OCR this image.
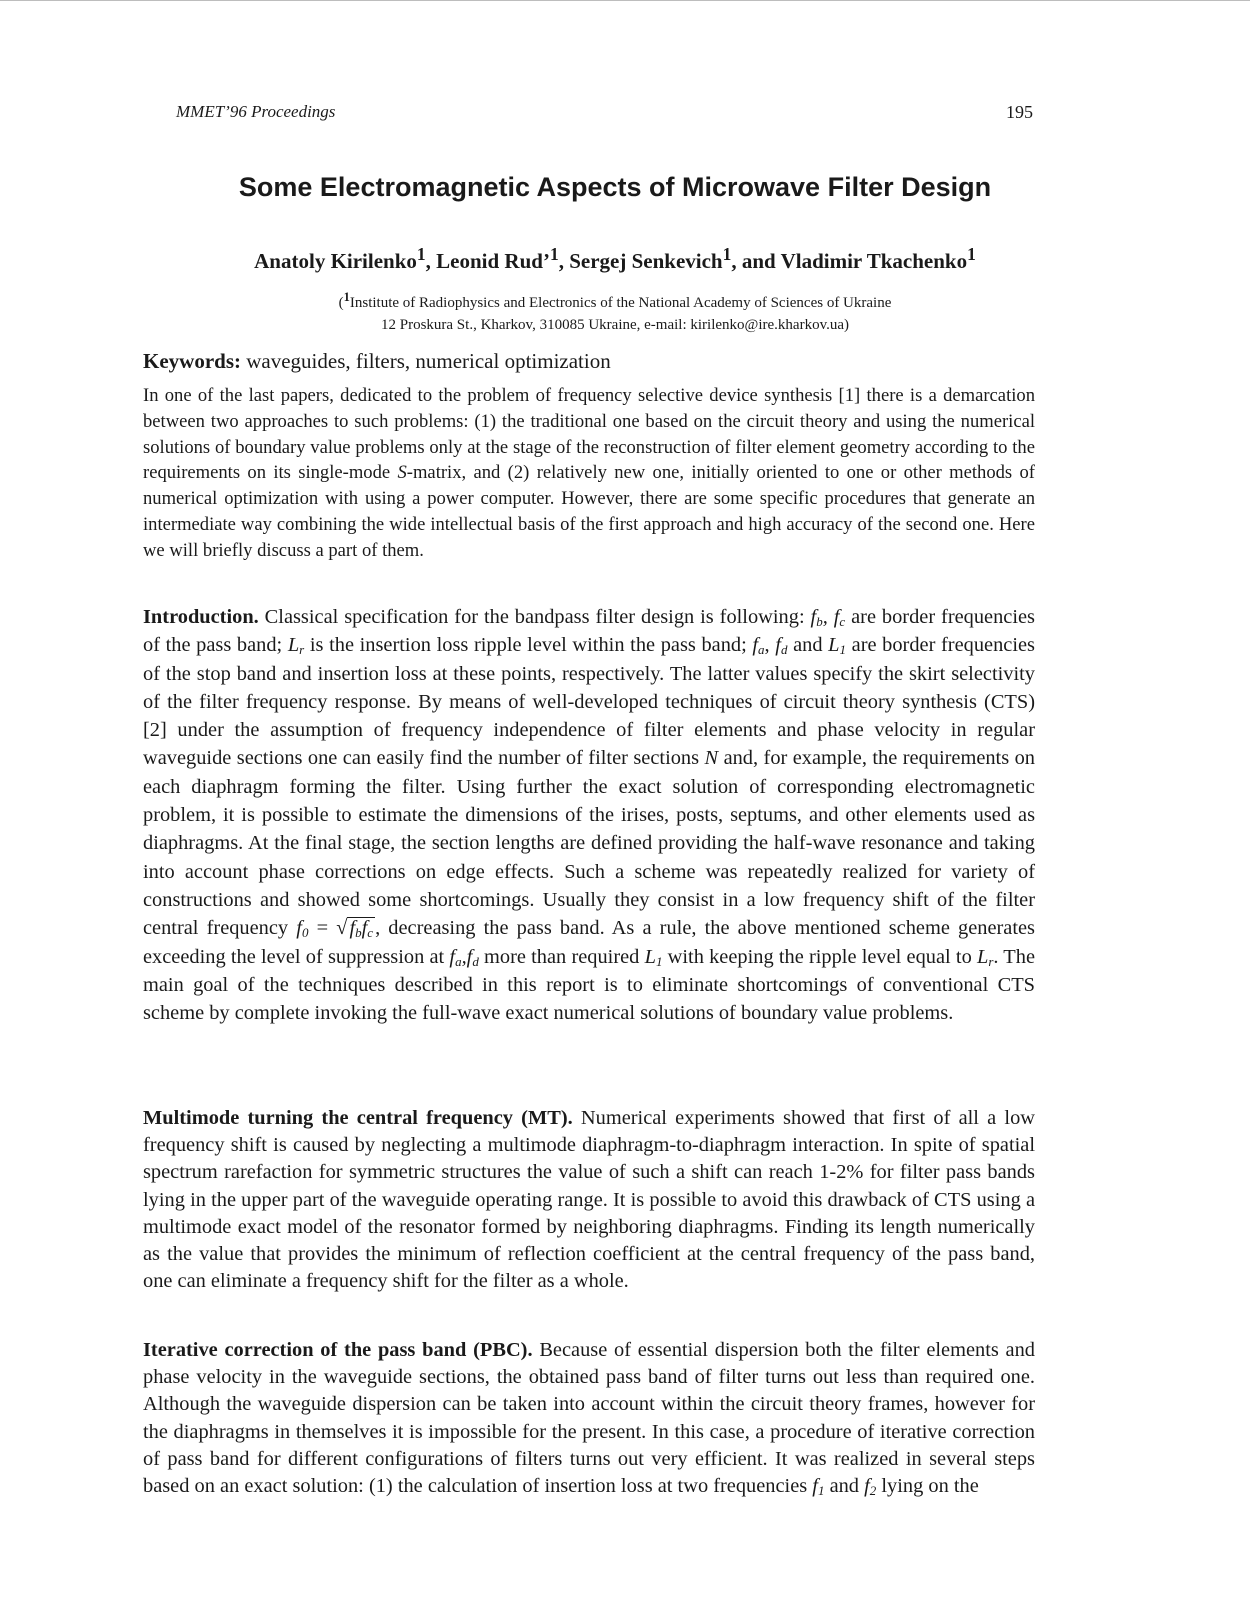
MMET’96 Proceedings	195
Some Electromagnetic Aspects of Microwave Filter Design
Anatoly Kirilenko$^1$, Leonid Rud’$^1$, Sergej Senkevich$^1$, and Vladimir Tkachenko$^1$
($^1$Institute of Radiophysics and Electronics of the National Academy of Sciences of Ukraine
12 Proskura St., Kharkov, 310085 Ukraine, e-mail: kirilenko@ire.kharkov.ua)
Keywords: waveguides, filters, numerical optimization
In one of the last papers, dedicated to the problem of frequency selective device synthesis [1] there is a demarcation between two approaches to such problems: (1) the traditional one based on the circuit theory and using the numerical solutions of boundary value problems only at the stage of the reconstruction of filter element geometry according to the requirements on its single-mode S-matrix, and (2) relatively new one, initially oriented to one or other methods of numerical optimization with using a power computer. However, there are some specific procedures that generate an intermediate way combining the wide intellectual basis of the first approach and high accuracy of the second one. Here we will briefly discuss a part of them.
Introduction. Classical specification for the bandpass filter design is following: $f_b$, $f_c$ are border frequencies of the pass band; $L_r$ is the insertion loss ripple level within the pass band; $f_a$, $f_d$ and $L_1$ are border frequencies of the stop band and insertion loss at these points, respectively. The latter values specify the skirt selectivity of the filter frequency response. By means of well-developed techniques of circuit theory synthesis (CTS) [2] under the assumption of frequency independence of filter elements and phase velocity in regular waveguide sections one can easily find the number of filter sections N and, for example, the requirements on each diaphragm forming the filter. Using further the exact solution of corresponding electromagnetic problem, it is possible to estimate the dimensions of the irises, posts, septums, and other elements used as diaphragms. At the final stage, the section lengths are defined providing the half-wave resonance and taking into account phase corrections on edge effects. Such a scheme was repeatedly realized for variety of constructions and showed some shortcomings. Usually they consist in a low frequency shift of the filter central frequency $f_0 = √f_bf_c$, decreasing the pass band. As a rule, the above mentioned scheme generates exceeding the level of suppression at $f_a,f_d$ more than required $L_1$ with keeping the ripple level equal to $L_r$. The main goal of the techniques described in this report is to eliminate shortcomings of conventional CTS scheme by complete invoking the full-wave exact numerical solutions of boundary value problems.
Multimode turning the central frequency (MT). Numerical experiments showed that first of all a low frequency shift is caused by neglecting a multimode diaphragm-to-diaphragm interaction. In spite of spatial spectrum rarefaction for symmetric structures the value of such a shift can reach 1-2% for filter pass bands lying in the upper part of the waveguide operating range. It is possible to avoid this drawback of CTS using a multimode exact model of the resonator formed by neighboring diaphragms. Finding its length numerically as the value that provides the minimum of reflection coefficient at the central frequency of the pass band, one can eliminate a frequency shift for the filter as a whole.
Iterative correction of the pass band (PBC). Because of essential dispersion both the filter elements and phase velocity in the waveguide sections, the obtained pass band of filter turns out less than required one. Although the waveguide dispersion can be taken into account within the circuit theory frames, however for the diaphragms in themselves it is impossible for the present. In this case, a procedure of iterative correction of pass band for different configurations of filters turns out very efficient. It was realized in several steps based on an exact solution: (1) the calculation of insertion loss at two frequencies $f_1$ and $f_2$ lying on the
